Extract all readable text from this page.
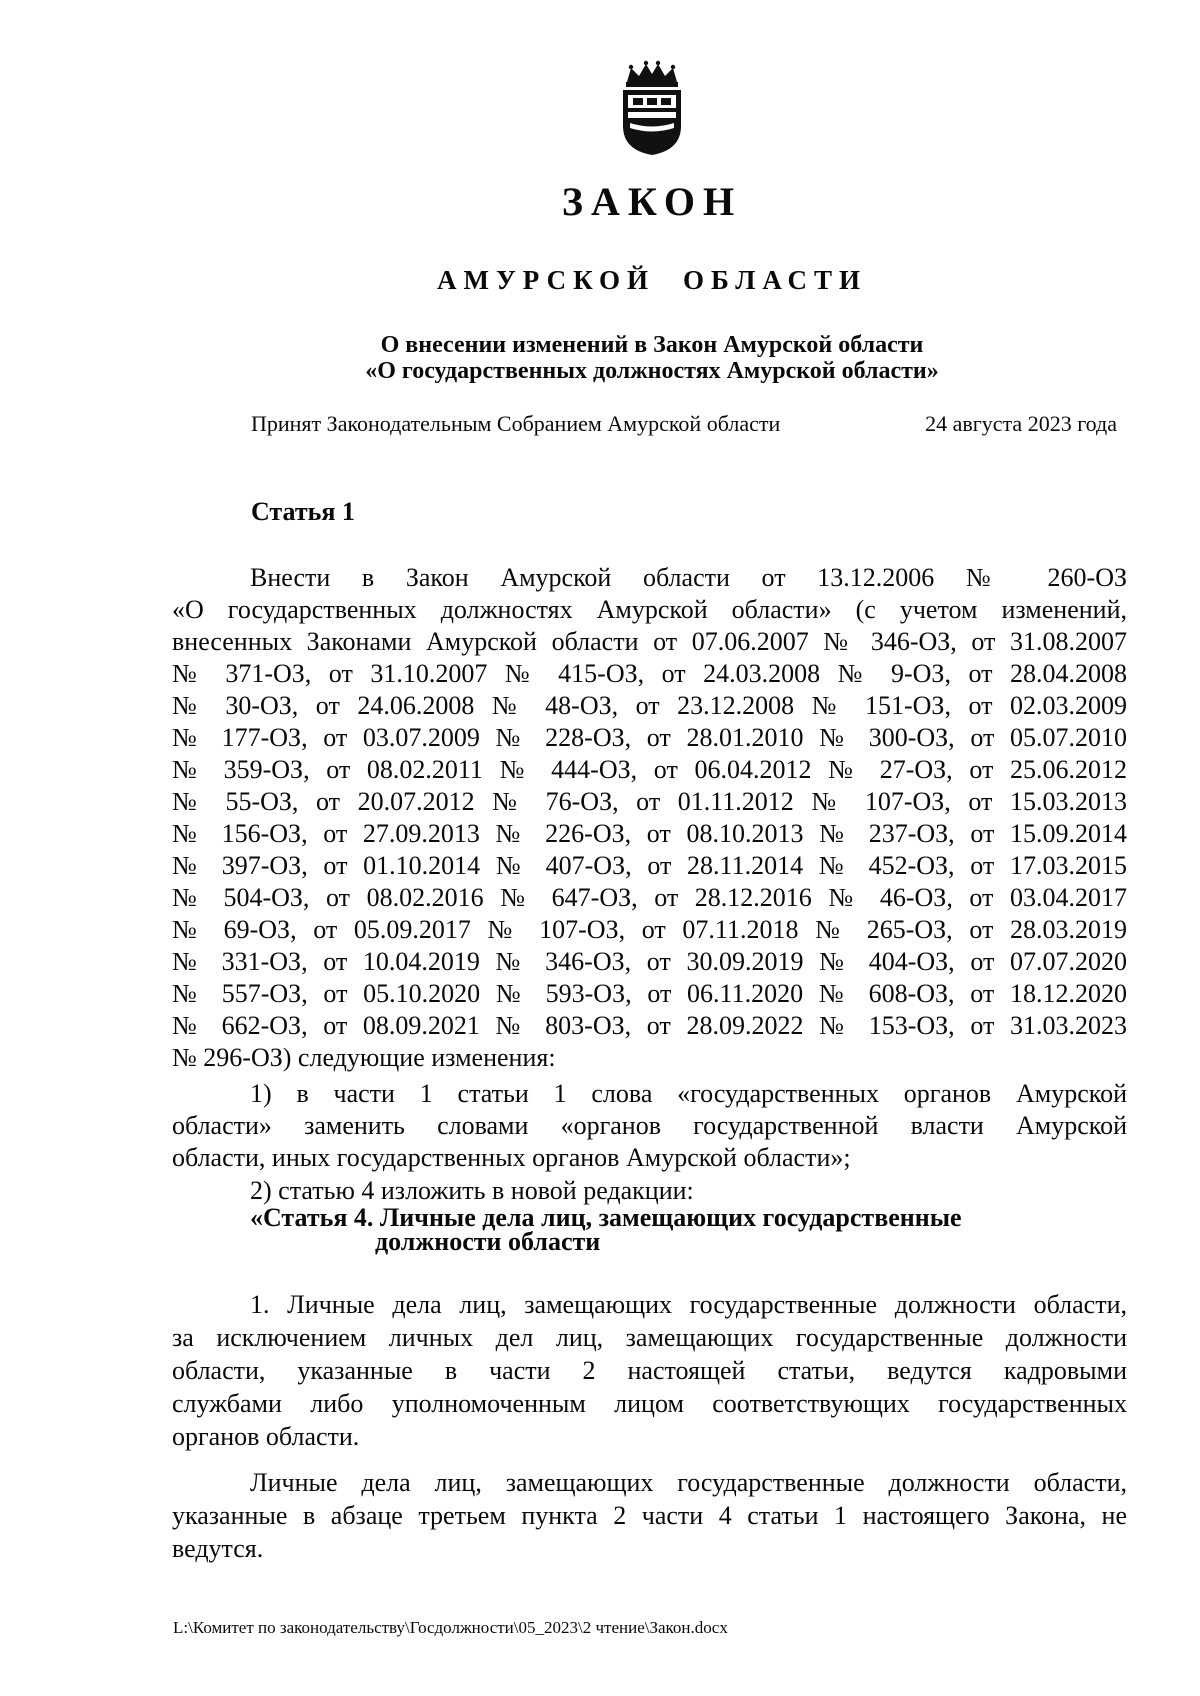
ЗАКОН
АМУРСКОЙ ОБЛАСТИ
О внесении изменений в Закон Амурской области
«О государственных должностях Амурской области»
Принят Законодательным Собранием Амурской области	24 августа 2023 года
Статья 1

Внести в Закон Амурской области от 13.12.2006 № 260-ОЗ
«О государственных должностях Амурской области» (с учетом изменений,
внесенных Законами Амурской области от 07.06.2007 № 346-ОЗ, от 31.08.2007
№ 371-ОЗ, от 31.10.2007 № 415-ОЗ, от 24.03.2008 № 9-ОЗ, от 28.04.2008
№ 30-ОЗ, от 24.06.2008 № 48-ОЗ, от 23.12.2008 № 151-ОЗ, от 02.03.2009
№ 177-ОЗ, от 03.07.2009 № 228-ОЗ, от 28.01.2010 № 300-ОЗ, от 05.07.2010
№ 359-ОЗ, от 08.02.2011 № 444-ОЗ, от 06.04.2012 № 27-ОЗ, от 25.06.2012
№ 55-ОЗ, от 20.07.2012 № 76-ОЗ, от 01.11.2012 № 107-ОЗ, от 15.03.2013
№ 156-ОЗ, от 27.09.2013 № 226-ОЗ, от 08.10.2013 № 237-ОЗ, от 15.09.2014
№ 397-ОЗ, от 01.10.2014 № 407-ОЗ, от 28.11.2014 № 452-ОЗ, от 17.03.2015
№ 504-ОЗ, от 08.02.2016 № 647-ОЗ, от 28.12.2016 № 46-ОЗ, от 03.04.2017
№ 69-ОЗ, от 05.09.2017 № 107-ОЗ, от 07.11.2018 № 265-ОЗ, от 28.03.2019
№ 331-ОЗ, от 10.04.2019 № 346-ОЗ, от 30.09.2019 № 404-ОЗ, от 07.07.2020
№ 557-ОЗ, от 05.10.2020 № 593-ОЗ, от 06.11.2020 № 608-ОЗ, от 18.12.2020
№ 662-ОЗ, от 08.09.2021 № 803-ОЗ, от 28.09.2022 № 153-ОЗ, от 31.03.2023
№ 296-ОЗ) следующие изменения:

1) в части 1 статьи 1 слова «государственных органов Амурской
области» заменить словами «органов государственной власти Амурской
области, иных государственных органов Амурской области»;
2) статью 4 изложить в новой редакции:
«Статья 4. Личные дела лиц, замещающих государственные
должности области
1. Личные дела лиц, замещающих государственные должности области,
за исключением личных дел лиц, замещающих государственные должности
области, указанные в части 2 настоящей статьи, ведутся кадровыми
службами либо уполномоченным лицом соответствующих государственных
органов области.
Личные дела лиц, замещающих государственные должности области,
указанные в абзаце третьем пункта 2 части 4 статьи 1 настоящего Закона, не
ведутся.
L:\Комитет по законодательству\Госдолжности\05_2023\2 чтение\Закон.docx
